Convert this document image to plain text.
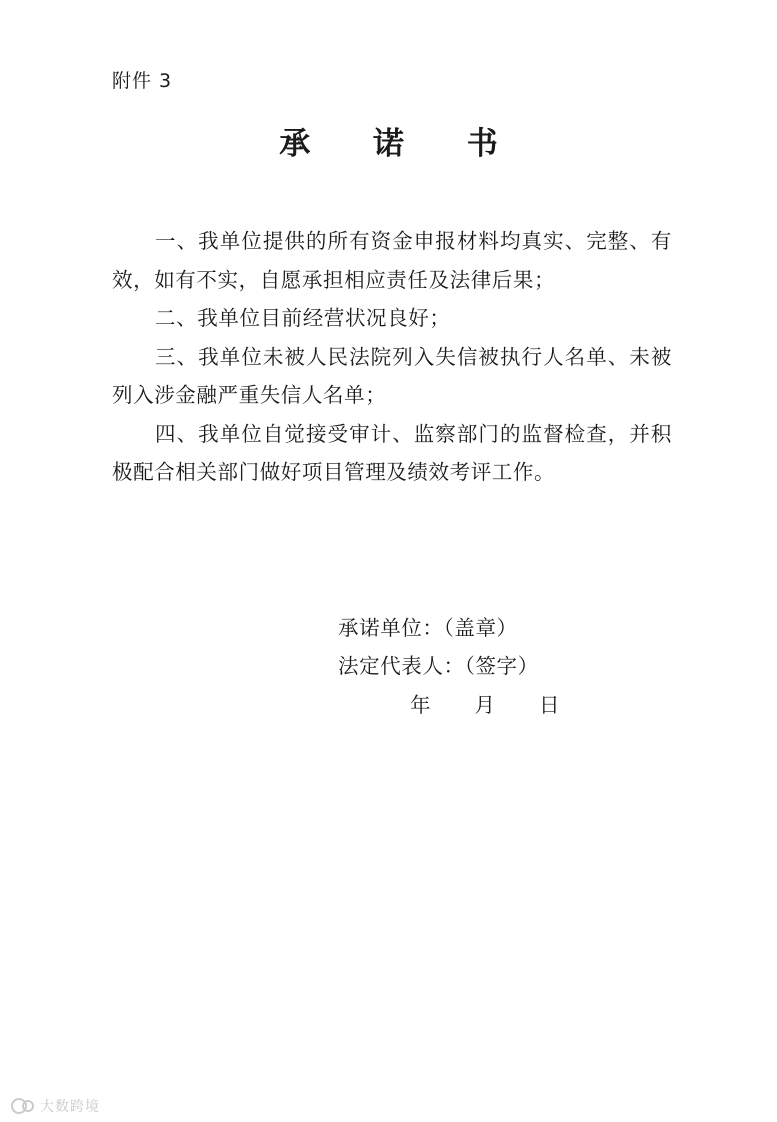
附件 3
承 诺 书

一、我单位提供的所有资金申报材料均真实、完整、有效，如有不实，自愿承担相应责任及法律后果；

二、我单位目前经营状况良好；

三、我单位未被人民法院列入失信被执行人名单、未被列入涉金融严重失信人名单；

四、我单位自觉接受审计、监察部门的监督检查，并积极配合相关部门做好项目管理及绩效考评工作。

承诺单位：（盖章）
法定代表人：（签字）
年 月 日
大数跨境
